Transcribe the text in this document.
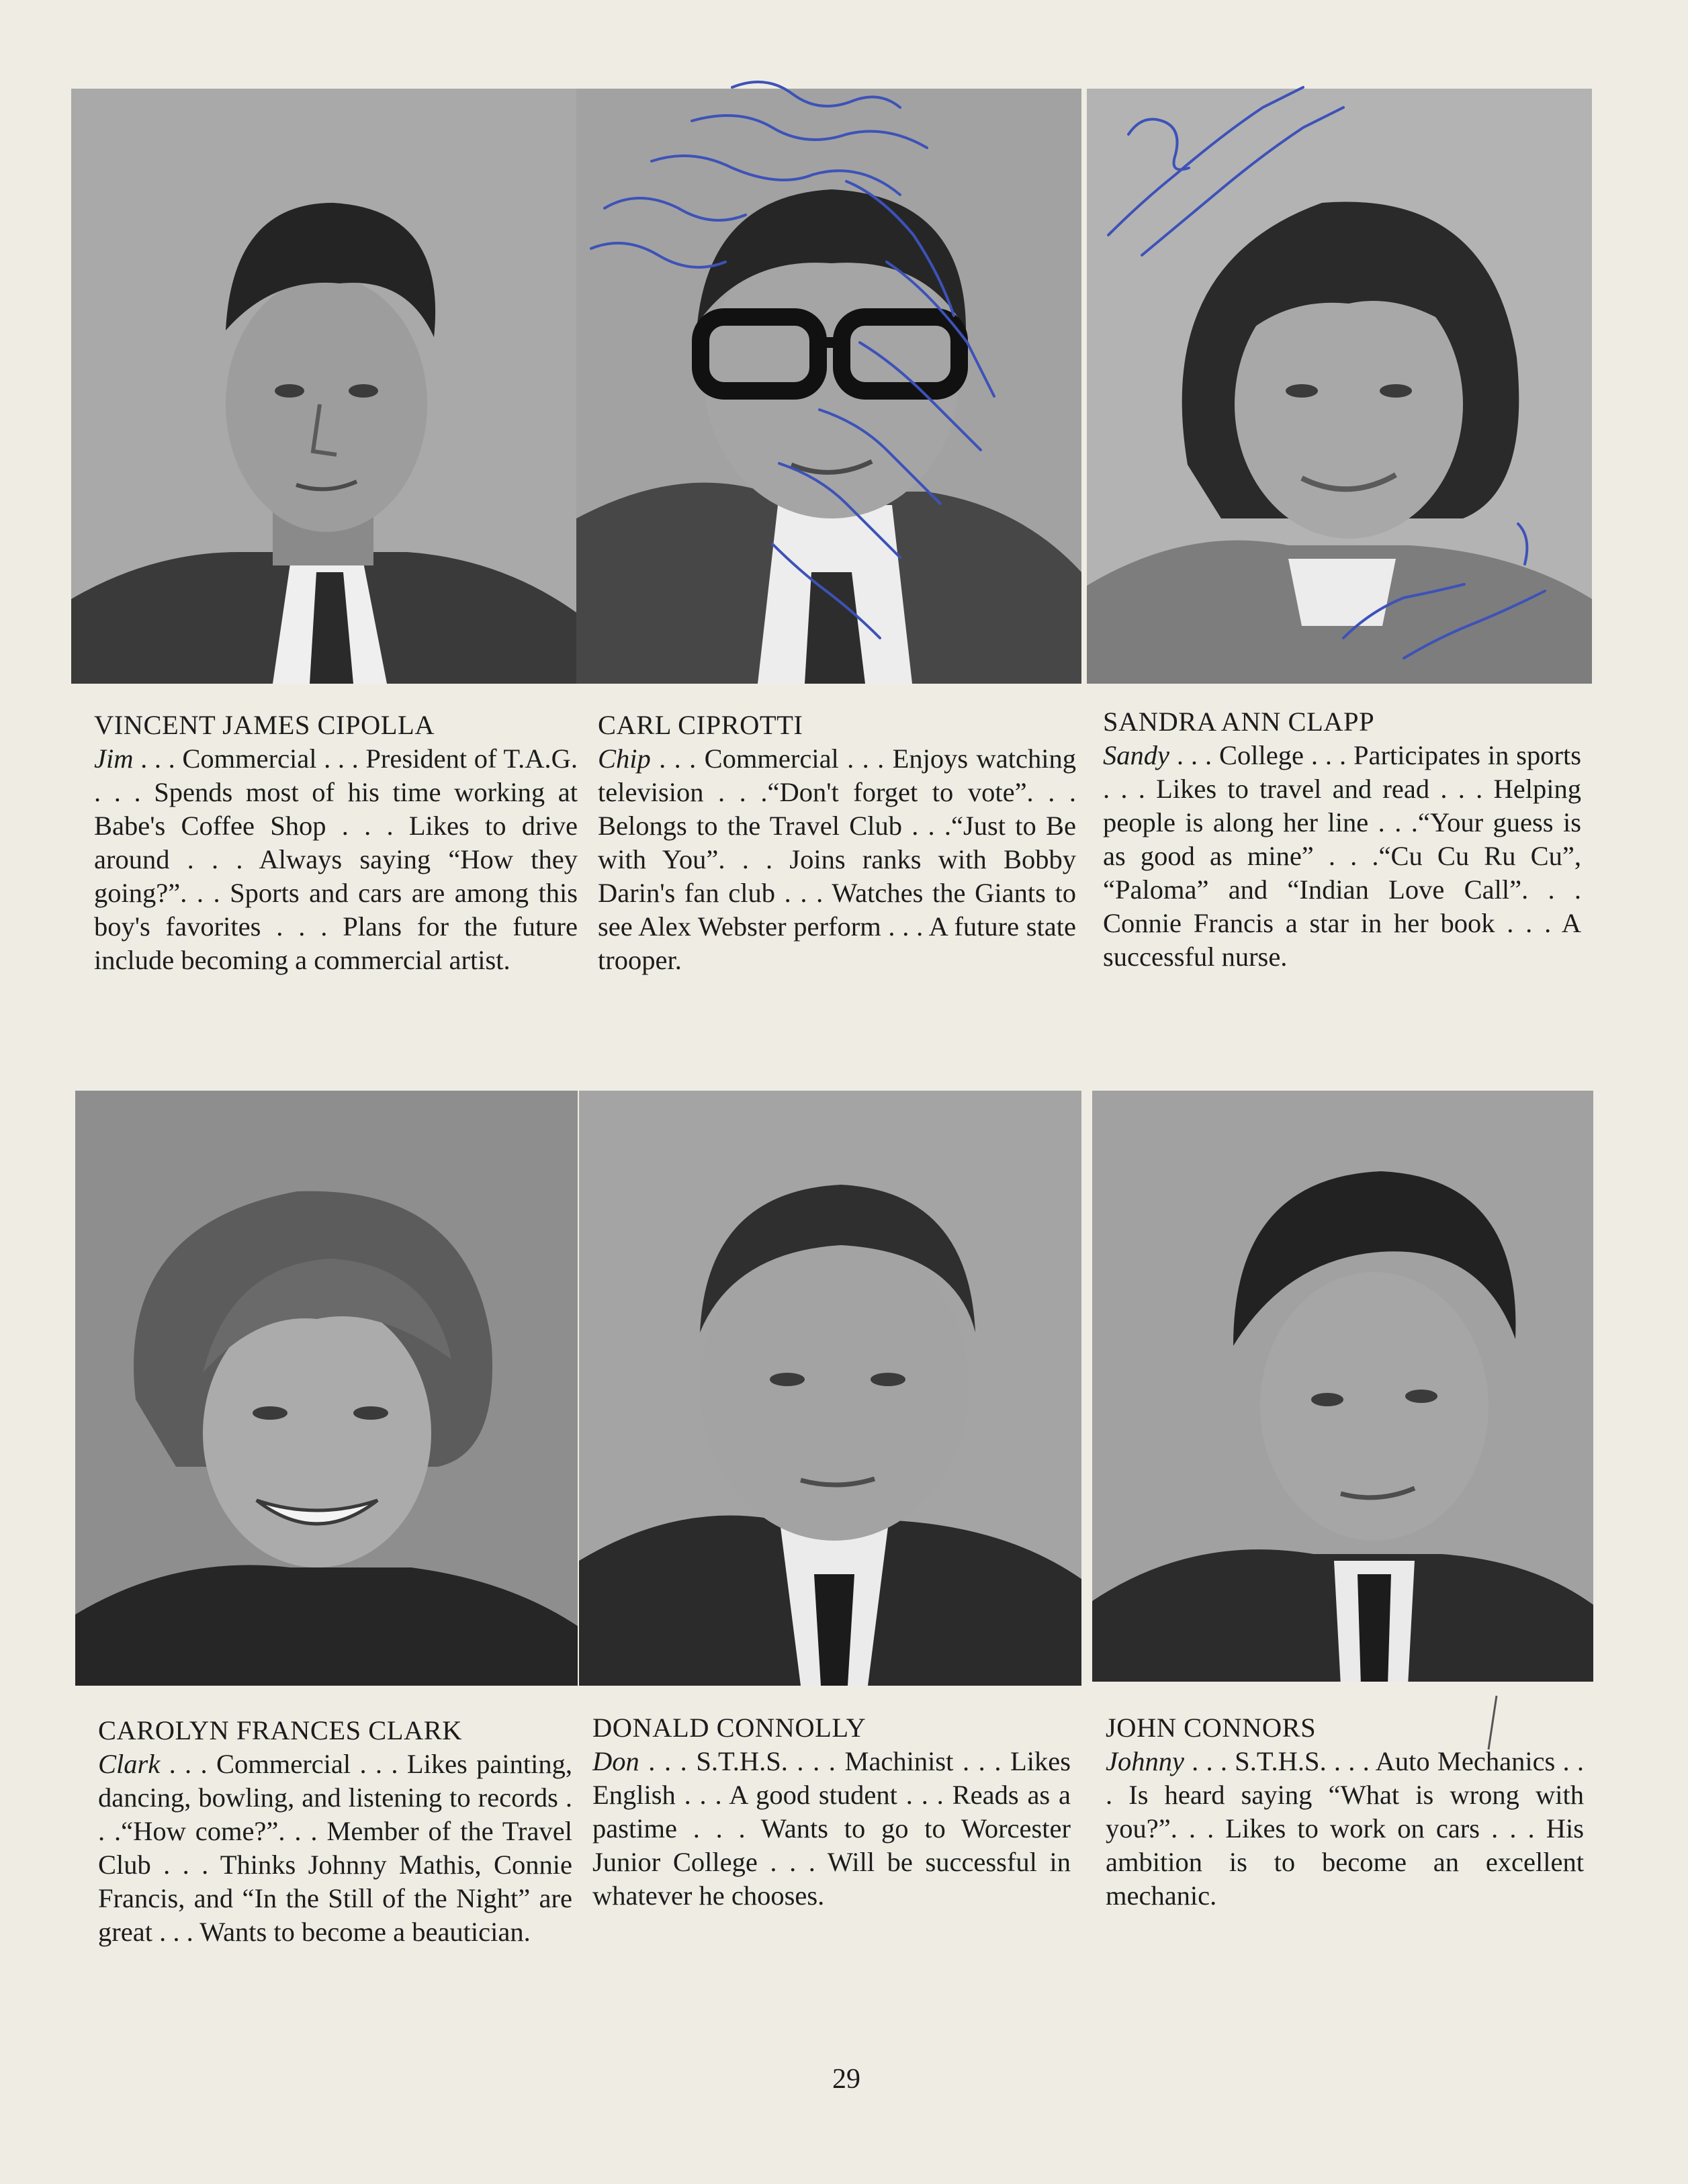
VINCENT JAMES CIPOLLA

Jim . . . Commercial . . . President of T.A.G. . . . Spends most of his time working at Babe's Coffee Shop . . . Likes to drive around . . . Always saying “How they going?”. . . Sports and cars are among this boy's favorites . . . Plans for the future include becoming a commercial artist.

CARL CIPROTTI

Chip . . . Commercial . . . Enjoys watching television . . .“Don't forget to vote”. . . Belongs to the Travel Club . . .“Just to Be with You”. . . Joins ranks with Bobby Darin's fan club . . . Watches the Giants to see Alex Webster perform . . . A future state trooper.

SANDRA ANN CLAPP

Sandy . . . College . . . Participates in sports . . . Likes to travel and read . . . Helping people is along her line . . .“Your guess is as good as mine” . . .“Cu Cu Ru Cu”, “Paloma” and “Indian Love Call”. . . Connie Francis a star in her book . . . A successful nurse.

CAROLYN FRANCES CLARK

Clark . . . Commercial . . . Likes painting, dancing, bowling, and listening to records . . .“How come?”. . . Member of the Travel Club . . . Thinks Johnny Mathis, Connie Francis, and “In the Still of the Night” are great . . . Wants to become a beautician.

DONALD CONNOLLY

Don . . . S.T.H.S. . . . Machinist . . . Likes English . . . A good student . . . Reads as a pastime . . . Wants to go to Worcester Junior College . . . Will be successful in whatever he chooses.

JOHN CONNORS

Johnny . . . S.T.H.S. . . . Auto Mechanics . . . Is heard saying “What is wrong with you?”. . . Likes to work on cars . . . His ambition is to become an excellent mechanic.

29
